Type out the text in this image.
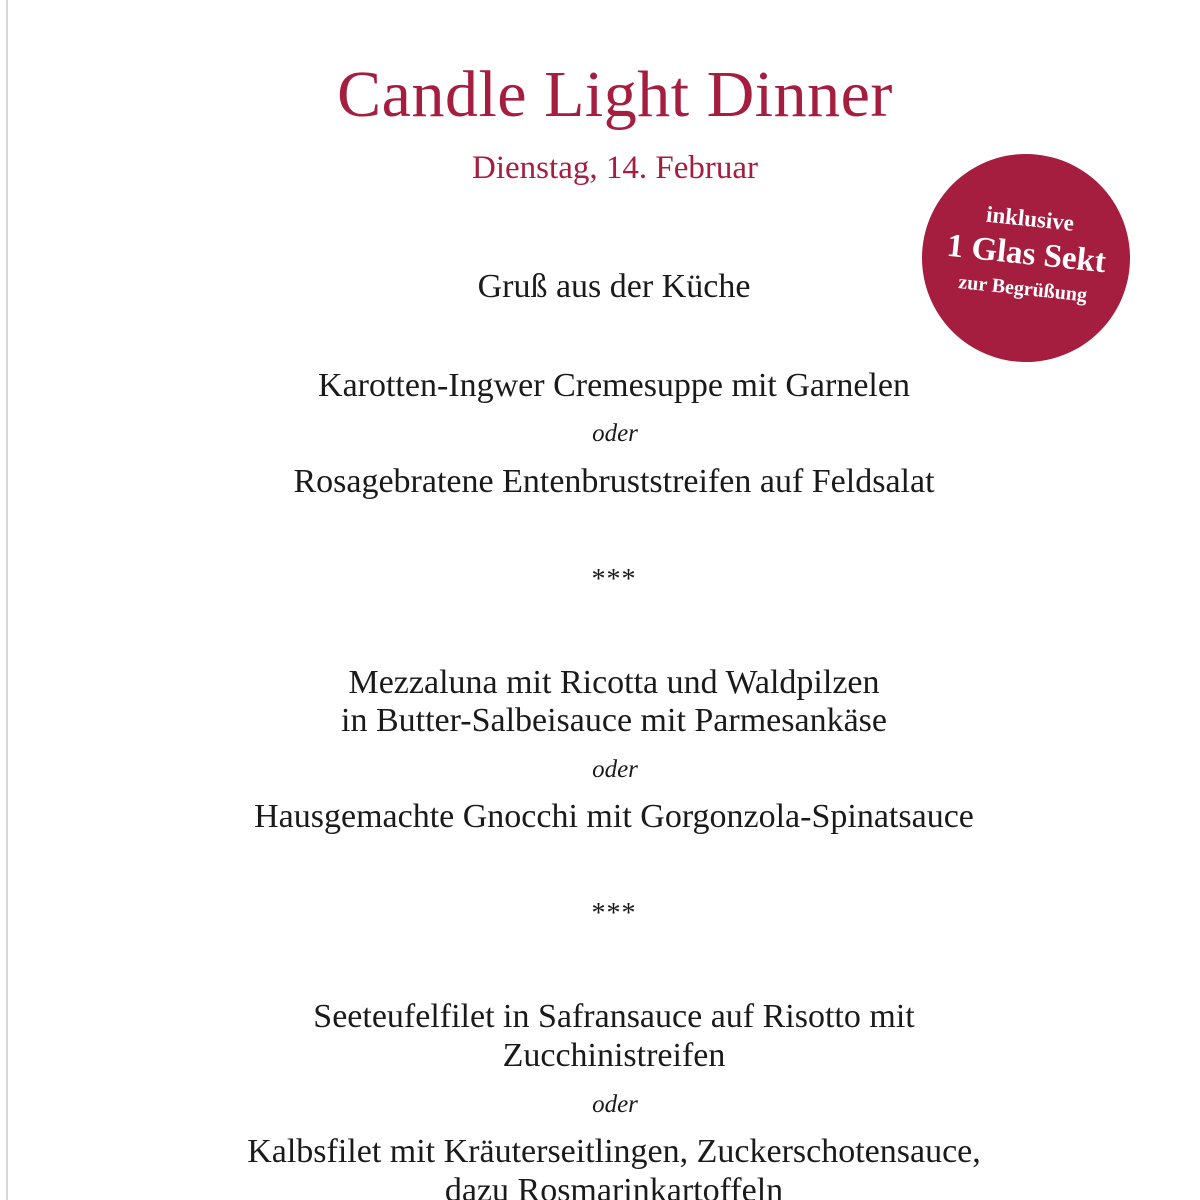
Candle Light Dinner
Dienstag, 14. Februar
inklusive
1 Glas Sekt
zur Begrüßung
Gruß aus der Küche
Karotten-Ingwer Cremesuppe mit Garnelen
oder
Rosagebratene Entenbruststreifen auf Feldsalat
***
Mezzaluna mit Ricotta und Waldpilzen
in Butter-Salbeisauce mit Parmesankäse
oder
Hausgemachte Gnocchi mit Gorgonzola-Spinatsauce
***
Seeteufelfilet in Safransauce auf Risotto mit
Zucchinistreifen
oder
Kalbsfilet mit Kräuterseitlingen, Zuckerschotensauce,
dazu Rosmarinkartoffeln
